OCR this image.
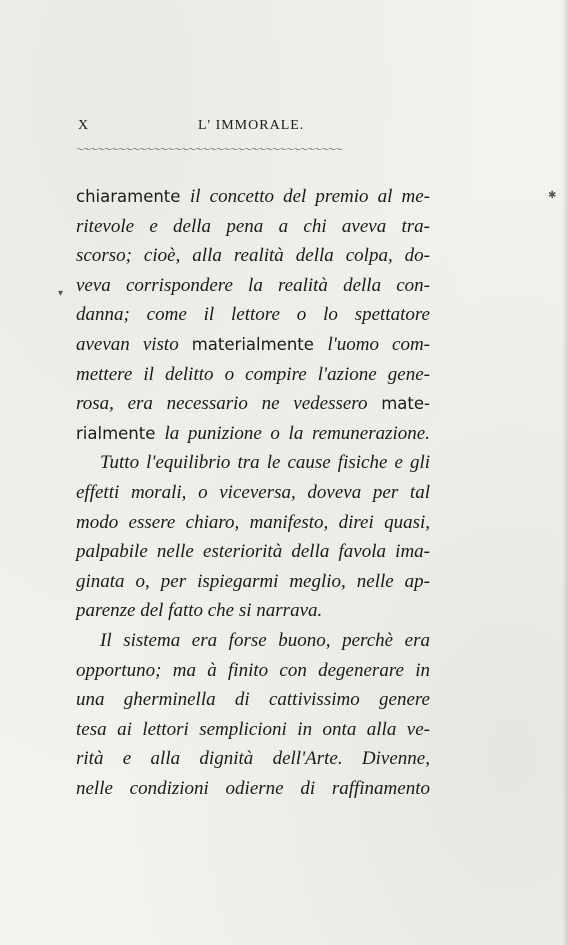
X	L' IMMORALE.
〜〜〜〜〜〜〜〜〜〜〜〜〜〜〜〜〜〜〜〜〜〜〜〜〜〜〜〜〜〜〜〜〜〜〜〜〜〜
chiaramente il concetto del premio al me-
ritevole e della pena a chi aveva tra-
scorso; cioè, alla realità della colpa, do-
veva corrispondere la realità della con-
danna; come il lettore o lo spettatore
avevan visto materialmente l'uomo com-
mettere il delitto o compire l'azione gene-
rosa, era necessario ne vedessero mate-
rialmente la punizione o la remunerazione.
Tutto l'equilibrio tra le cause fisiche e gli
effetti morali, o viceversa, doveva per tal
modo essere chiaro, manifesto, direi quasi,
palpabile nelle esteriorità della favola ima-
ginata o, per ispiegarmi meglio, nelle ap-
parenze del fatto che si narrava.
Il sistema era forse buono, perchè era
opportuno; ma à finito con degenerare in
una gherminella di cattivissimo genere
tesa ai lettori semplicioni in onta alla ve-
rità e alla dignità dell'Arte. Divenne,
nelle condizioni odierne di raffinamento
✱
▾
